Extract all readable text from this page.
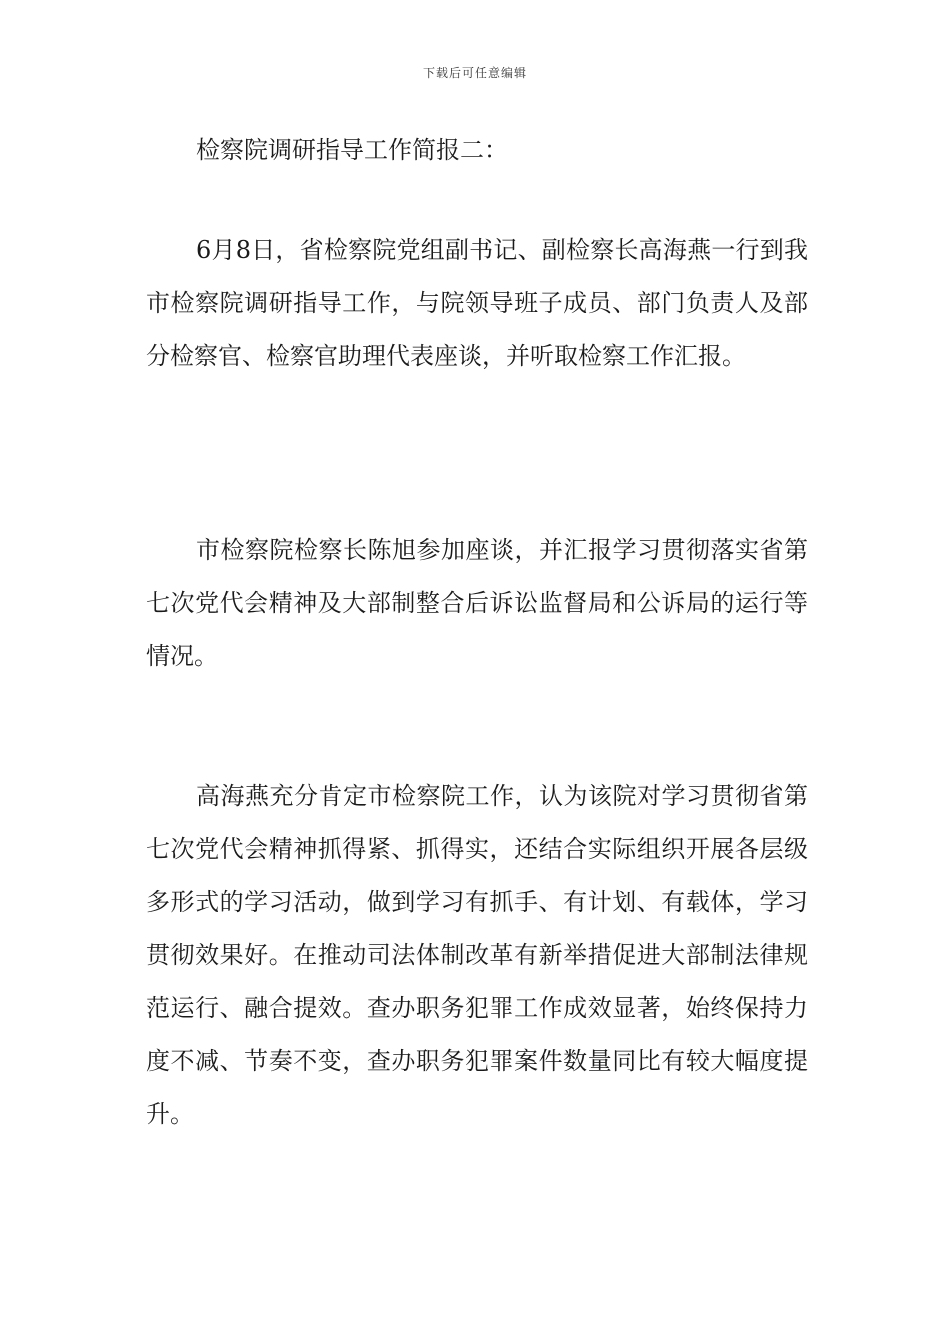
下载后可任意编辑
检察院调研指导工作简报二：

6月8日，省检察院党组副书记、副检察长高海燕一行到我市检察院调研指导工作，与院领导班子成员、部门负责人及部分检察官、检察官助理代表座谈，并听取检察工作汇报。

市检察院检察长陈旭参加座谈，并汇报学习贯彻落实省第七次党代会精神及大部制整合后诉讼监督局和公诉局的运行等情况。

高海燕充分肯定市检察院工作，认为该院对学习贯彻省第七次党代会精神抓得紧、抓得实，还结合实际组织开展各层级多形式的学习活动，做到学习有抓手、有计划、有载体，学习贯彻效果好。在推动司法体制改革有新举措促进大部制法律规范运行、融合提效。查办职务犯罪工作成效显著，始终保持力度不减、节奏不变，查办职务犯罪案件数量同比有较大幅度提升。
